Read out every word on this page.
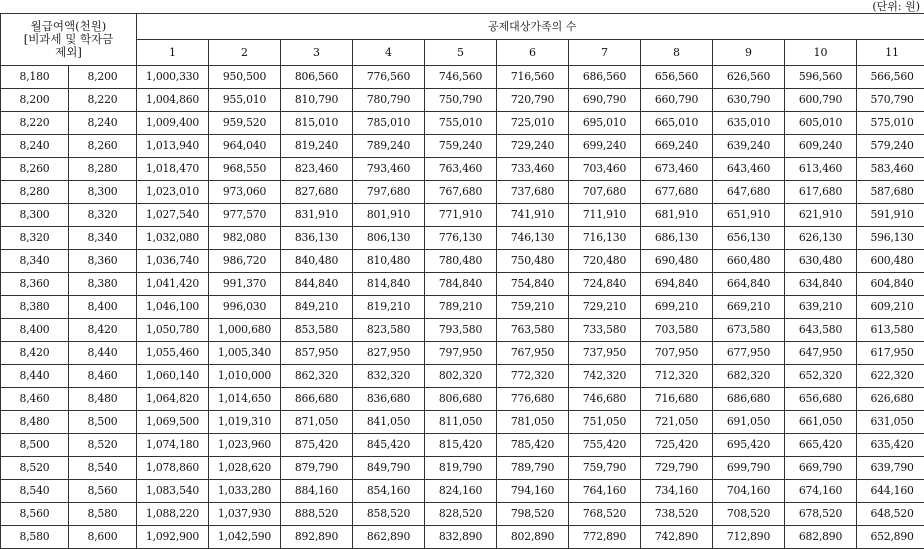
(단위: 원)
월급여액(천원)
[비과세 및 학자금
제외]		공제대상가족의 수										
		1	2	3	4	5	6	7	8	9	10	11
8,180	8,200	1,000,330	950,500	806,560	776,560	746,560	716,560	686,560	656,560	626,560	596,560	566,560
8,200	8,220	1,004,860	955,010	810,790	780,790	750,790	720,790	690,790	660,790	630,790	600,790	570,790
8,220	8,240	1,009,400	959,520	815,010	785,010	755,010	725,010	695,010	665,010	635,010	605,010	575,010
8,240	8,260	1,013,940	964,040	819,240	789,240	759,240	729,240	699,240	669,240	639,240	609,240	579,240
8,260	8,280	1,018,470	968,550	823,460	793,460	763,460	733,460	703,460	673,460	643,460	613,460	583,460
8,280	8,300	1,023,010	973,060	827,680	797,680	767,680	737,680	707,680	677,680	647,680	617,680	587,680
8,300	8,320	1,027,540	977,570	831,910	801,910	771,910	741,910	711,910	681,910	651,910	621,910	591,910
8,320	8,340	1,032,080	982,080	836,130	806,130	776,130	746,130	716,130	686,130	656,130	626,130	596,130
8,340	8,360	1,036,740	986,720	840,480	810,480	780,480	750,480	720,480	690,480	660,480	630,480	600,480
8,360	8,380	1,041,420	991,370	844,840	814,840	784,840	754,840	724,840	694,840	664,840	634,840	604,840
8,380	8,400	1,046,100	996,030	849,210	819,210	789,210	759,210	729,210	699,210	669,210	639,210	609,210
8,400	8,420	1,050,780	1,000,680	853,580	823,580	793,580	763,580	733,580	703,580	673,580	643,580	613,580
8,420	8,440	1,055,460	1,005,340	857,950	827,950	797,950	767,950	737,950	707,950	677,950	647,950	617,950
8,440	8,460	1,060,140	1,010,000	862,320	832,320	802,320	772,320	742,320	712,320	682,320	652,320	622,320
8,460	8,480	1,064,820	1,014,650	866,680	836,680	806,680	776,680	746,680	716,680	686,680	656,680	626,680
8,480	8,500	1,069,500	1,019,310	871,050	841,050	811,050	781,050	751,050	721,050	691,050	661,050	631,050
8,500	8,520	1,074,180	1,023,960	875,420	845,420	815,420	785,420	755,420	725,420	695,420	665,420	635,420
8,520	8,540	1,078,860	1,028,620	879,790	849,790	819,790	789,790	759,790	729,790	699,790	669,790	639,790
8,540	8,560	1,083,540	1,033,280	884,160	854,160	824,160	794,160	764,160	734,160	704,160	674,160	644,160
8,560	8,580	1,088,220	1,037,930	888,520	858,520	828,520	798,520	768,520	738,520	708,520	678,520	648,520
8,580	8,600	1,092,900	1,042,590	892,890	862,890	832,890	802,890	772,890	742,890	712,890	682,890	652,890
